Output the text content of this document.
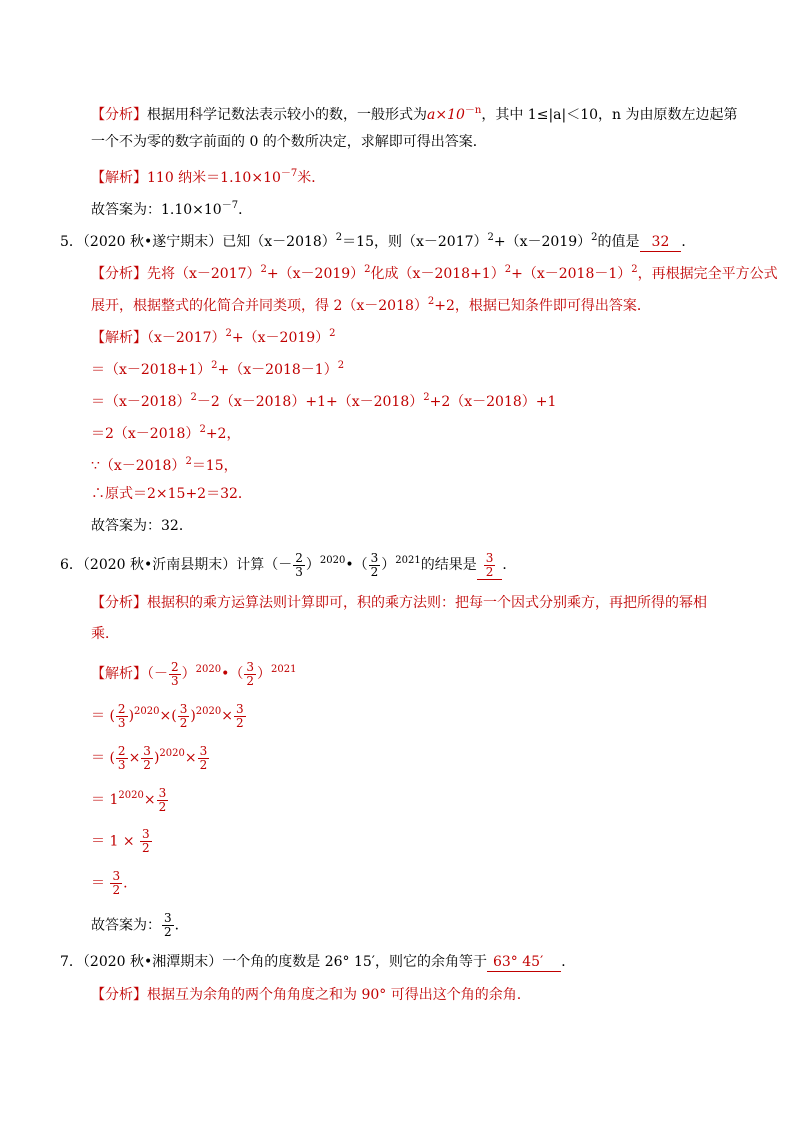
【分析】根据用科学记数法表示较小的数，一般形式为$a\times 10^{-n}$，其中 1≤|a|＜10，n 为由原数左边起第
一个不为零的数字前面的 0 的个数所决定，求解即可得出答案．
【解析】110 纳米$=1.10\times 10^{-7}$米．
故答案为：$1.10\times 10^{-7}$．
5．（2020 秋•遂宁期末）已知$(x-2018)^2=15$，则$(x-2017)^2+(x-2019)^2$的值是 32 ．
【分析】先将$(x-2017)^2+(x-2019)^2$化成$(x-2018+1)^2+(x-2018-1)^2$，再根据完全平方公式
展开，根据整式的化简合并同类项，得 $2(x-2018)^2+2$，根据已知条件即可得出答案．
【解析】$(x-2017)^2+(x-2019)^2$
$=(x-2018+1)^2+(x-2018-1)^2$
$=(x-2018)^2-2(x-2018)+1+(x-2018)^2+2(x-2018)+1$
$=2(x-2018)^2+2$，
$\because(x-2018)^2=15$，
∴原式＝2×15+2＝32．
故答案为：32．
6．（2020 秋•沂南县期末）计算（－ $\frac{2}{3}$ ）$^{2020}$•（ $\frac{3}{2} )^{2021}$的结果是 $\frac{3}{2}$ ．
【分析】根据积的乘方运算法则计算即可，积的乘方法则：把每一个因式分别乘方，再把所得的幂相
乘．
【解析】（－ $\frac{2}{3}$ ）$^{2020}$•（ $\frac{3}{2} )^{2021}$
＝ ( $\frac{2}{3} )^{2020}\times( \frac{3}{2} )^{2020}\times \frac{3}{2}$
＝ ( $\frac{2}{3} \times \frac{3}{2} )^{2020}\times \frac{3}{2}$
＝ $1^{2020}\times \frac{3}{2}$
＝ $1 \times \frac{3}{2}$
＝ $\frac{3}{2}$ .
故答案为： $\frac{3}{2}$ ．
7．（2020 秋•湘潭期末）一个角的度数是 26° 15′，则它的余角等于 63° 45′ ．
【分析】根据互为余角的两个角角度之和为 90° 可得出这个角的余角.
